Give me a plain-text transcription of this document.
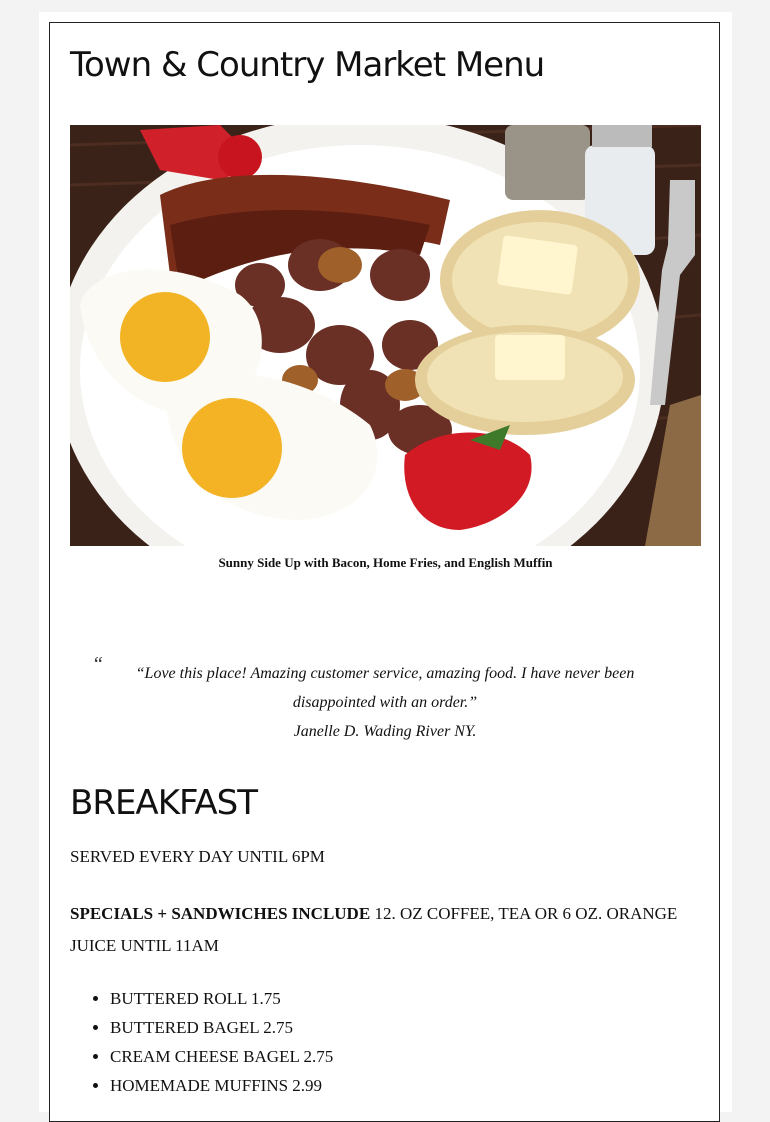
Town & Country Market Menu
Sunny Side Up with Bacon, Home Fries, and English Muffin
“	“Love this place! Amazing customer service, amazing food. I have never been disappointed with an order.”
Janelle D. Wading River NY.
BREAKFAST
SERVED EVERY DAY UNTIL 6PM
SPECIALS + SANDWICHES INCLUDE 12. OZ COFFEE, TEA OR 6 OZ. ORANGE JUICE UNTIL 11AM
• BUTTERED ROLL 1.75
• BUTTERED BAGEL 2.75
• CREAM CHEESE BAGEL 2.75
• HOMEMADE MUFFINS 2.99
